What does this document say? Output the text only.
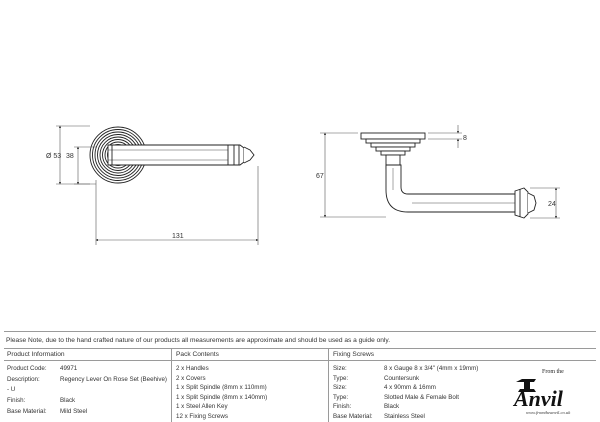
Ø 53 38
131
67
8
24
Please Note, due to the hand crafted nature of our products all measurements are approximate and should be used as a guide only.
Product Information	Pack Contents	Fixing Screws
Product Code: 49971
Description:	Regency Lever On Rose Set (Beehive)
- U
Finish:	Black
Base Material: Mild Steel
2 x Handles
2 x Covers
1 x Split Spindle (8mm x 110mm)
1 x Split Spindle (8mm x 140mm)
1 x Steel Allen Key
12 x Fixing Screws
Size:	8 x Gauge 8 x 3/4" (4mm x 19mm)
Type:	Countersunk
Size:	4 x 90mm & 16mm
Type:	Slotted Male & Female Bolt
Finish:	Black
Base Material: Stainless Steel
From the
Anvil
www.fromtheanvil.co.uk
